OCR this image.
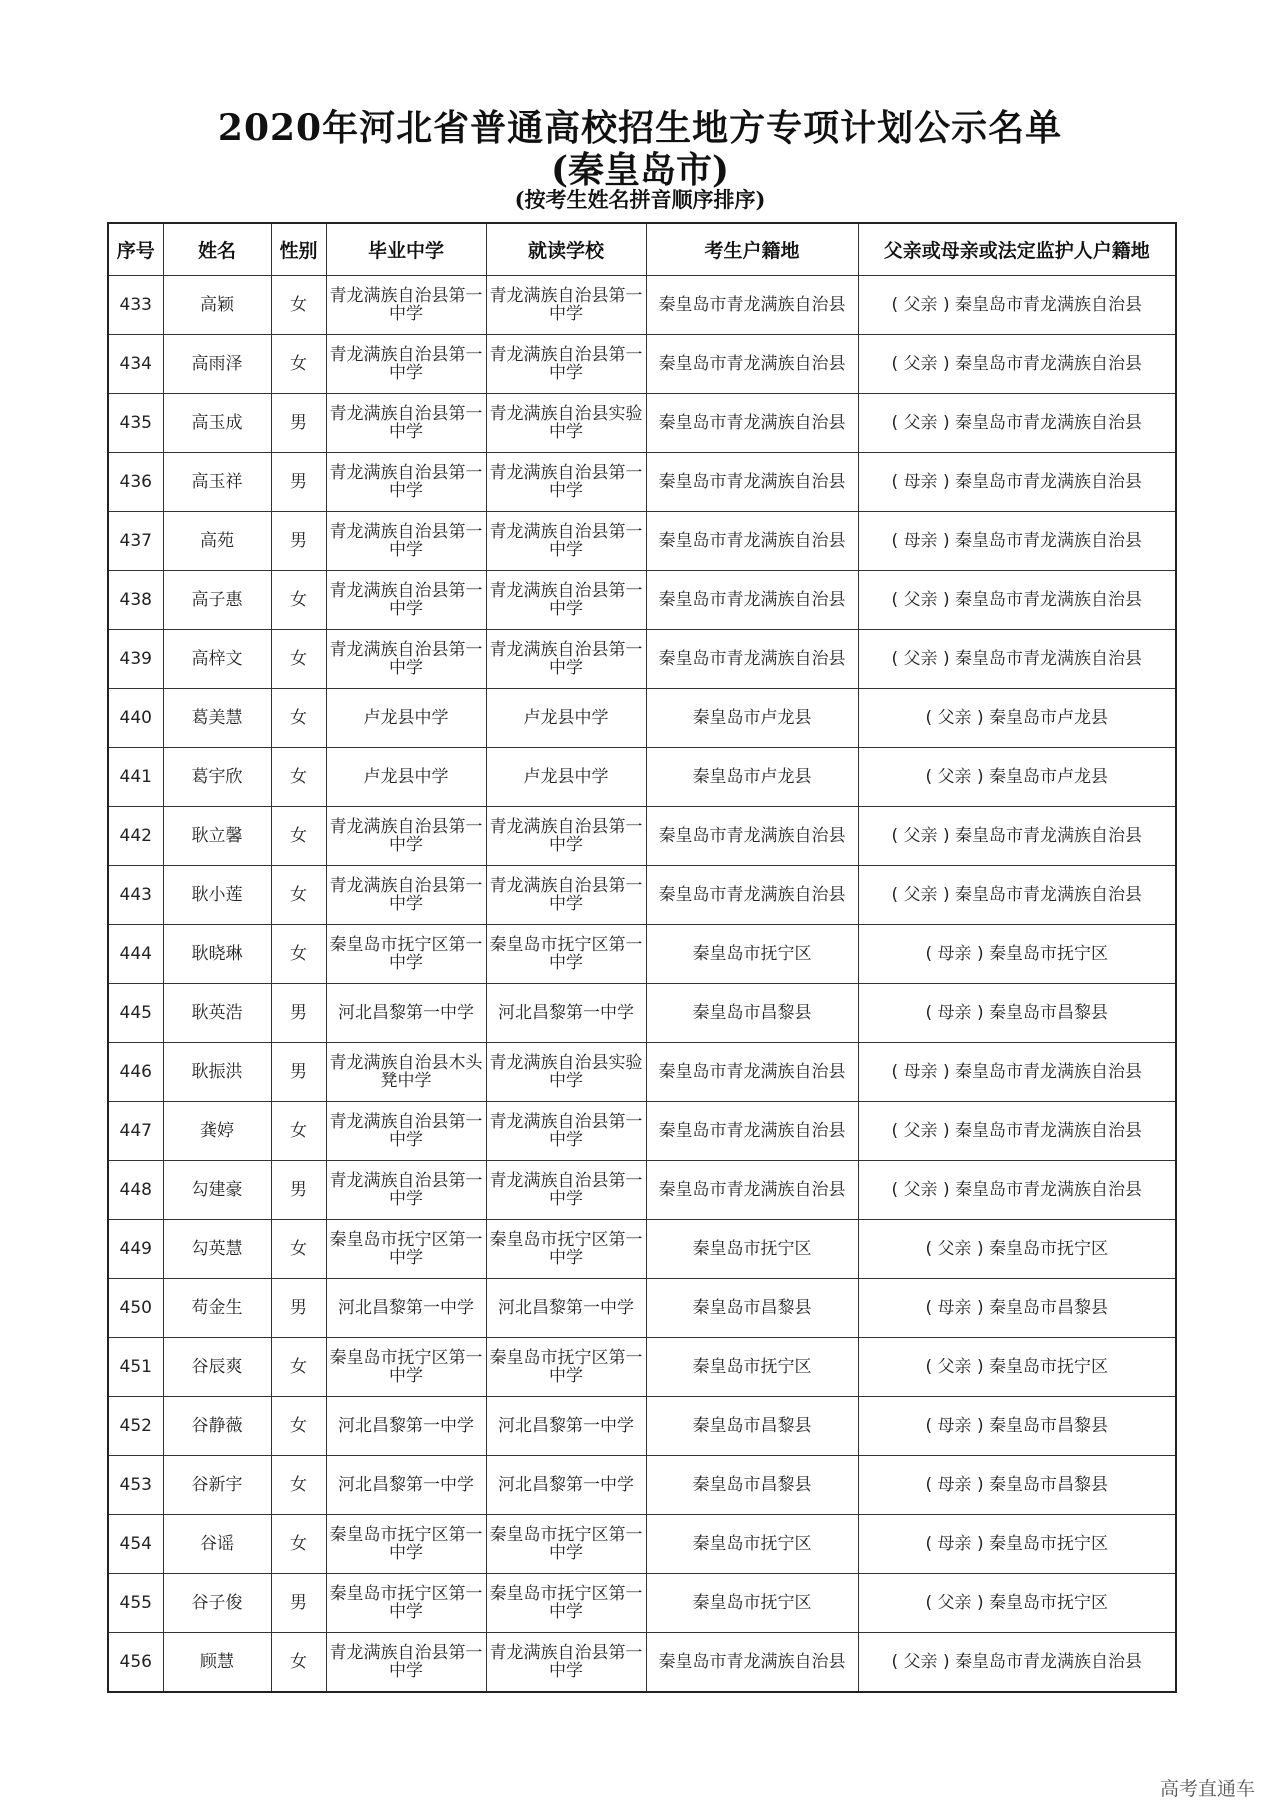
2020年河北省普通高校招生地方专项计划公示名单
(秦皇岛市)
(按考生姓名拼音顺序排序)
序号	姓名	性别	毕业中学	就读学校	考生户籍地	父亲或母亲或法定监护人户籍地
433	高颖	女	青龙满族自治县第一中学	青龙满族自治县第一中学	秦皇岛市青龙满族自治县	( 父亲 ) 秦皇岛市青龙满族自治县
434	高雨泽	女	青龙满族自治县第一中学	青龙满族自治县第一中学	秦皇岛市青龙满族自治县	( 父亲 ) 秦皇岛市青龙满族自治县
435	高玉成	男	青龙满族自治县第一中学	青龙满族自治县实验中学	秦皇岛市青龙满族自治县	( 父亲 ) 秦皇岛市青龙满族自治县
436	高玉祥	男	青龙满族自治县第一中学	青龙满族自治县第一中学	秦皇岛市青龙满族自治县	( 母亲 ) 秦皇岛市青龙满族自治县
437	高苑	男	青龙满族自治县第一中学	青龙满族自治县第一中学	秦皇岛市青龙满族自治县	( 母亲 ) 秦皇岛市青龙满族自治县
438	高子惠	女	青龙满族自治县第一中学	青龙满族自治县第一中学	秦皇岛市青龙满族自治县	( 父亲 ) 秦皇岛市青龙满族自治县
439	高梓文	女	青龙满族自治县第一中学	青龙满族自治县第一中学	秦皇岛市青龙满族自治县	( 父亲 ) 秦皇岛市青龙满族自治县
440	葛美慧	女	卢龙县中学	卢龙县中学	秦皇岛市卢龙县	( 父亲 ) 秦皇岛市卢龙县
441	葛宇欣	女	卢龙县中学	卢龙县中学	秦皇岛市卢龙县	( 父亲 ) 秦皇岛市卢龙县
442	耿立馨	女	青龙满族自治县第一中学	青龙满族自治县第一中学	秦皇岛市青龙满族自治县	( 父亲 ) 秦皇岛市青龙满族自治县
443	耿小莲	女	青龙满族自治县第一中学	青龙满族自治县第一中学	秦皇岛市青龙满族自治县	( 父亲 ) 秦皇岛市青龙满族自治县
444	耿晓琳	女	秦皇岛市抚宁区第一中学	秦皇岛市抚宁区第一中学	秦皇岛市抚宁区	( 母亲 ) 秦皇岛市抚宁区
445	耿英浩	男	河北昌黎第一中学	河北昌黎第一中学	秦皇岛市昌黎县	( 母亲 ) 秦皇岛市昌黎县
446	耿振洪	男	青龙满族自治县木头凳中学	青龙满族自治县实验中学	秦皇岛市青龙满族自治县	( 母亲 ) 秦皇岛市青龙满族自治县
447	龚婷	女	青龙满族自治县第一中学	青龙满族自治县第一中学	秦皇岛市青龙满族自治县	( 父亲 ) 秦皇岛市青龙满族自治县
448	勾建豪	男	青龙满族自治县第一中学	青龙满族自治县第一中学	秦皇岛市青龙满族自治县	( 父亲 ) 秦皇岛市青龙满族自治县
449	勾英慧	女	秦皇岛市抚宁区第一中学	秦皇岛市抚宁区第一中学	秦皇岛市抚宁区	( 父亲 ) 秦皇岛市抚宁区
450	苟金生	男	河北昌黎第一中学	河北昌黎第一中学	秦皇岛市昌黎县	( 母亲 ) 秦皇岛市昌黎县
451	谷辰爽	女	秦皇岛市抚宁区第一中学	秦皇岛市抚宁区第一中学	秦皇岛市抚宁区	( 父亲 ) 秦皇岛市抚宁区
452	谷静薇	女	河北昌黎第一中学	河北昌黎第一中学	秦皇岛市昌黎县	( 母亲 ) 秦皇岛市昌黎县
453	谷新宇	女	河北昌黎第一中学	河北昌黎第一中学	秦皇岛市昌黎县	( 母亲 ) 秦皇岛市昌黎县
454	谷谣	女	秦皇岛市抚宁区第一中学	秦皇岛市抚宁区第一中学	秦皇岛市抚宁区	( 母亲 ) 秦皇岛市抚宁区
455	谷子俊	男	秦皇岛市抚宁区第一中学	秦皇岛市抚宁区第一中学	秦皇岛市抚宁区	( 父亲 ) 秦皇岛市抚宁区
456	顾慧	女	青龙满族自治县第一中学	青龙满族自治县第一中学	秦皇岛市青龙满族自治县	( 父亲 ) 秦皇岛市青龙满族自治县
高考直通车
